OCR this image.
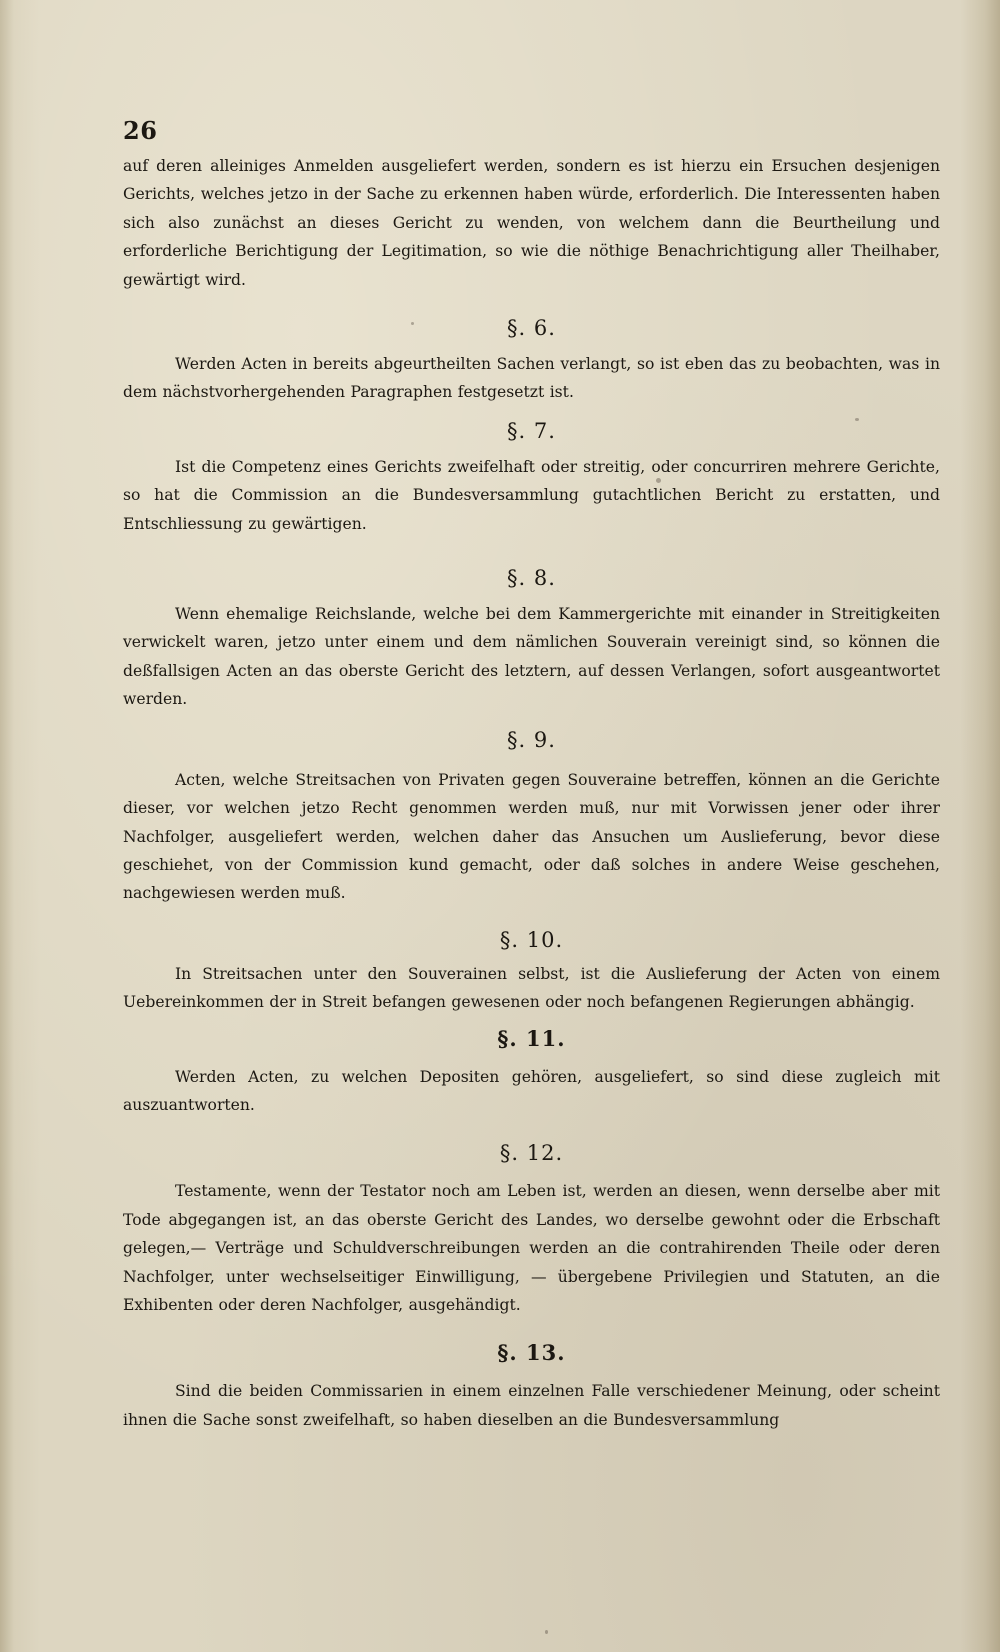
26

auf deren alleiniges Anmelden ausgeliefert werden, sondern es ist hierzu ein Ersuchen desjenigen Gerichts, welches jetzo in der Sache zu erkennen haben würde, erforderlich. Die Interessenten haben sich also zunächst an dieses Gericht zu wenden, von welchem dann die Beurtheilung und erforderliche Berichtigung der Legitimation, so wie die nöthige Benachrichtigung aller Theilhaber, gewärtigt wird.

§. 6.

Werden Acten in bereits abgeurtheilten Sachen verlangt, so ist eben das zu beobachten, was in dem nächstvorhergehenden Paragraphen festgesetzt ist.

§. 7.

Ist die Competenz eines Gerichts zweifelhaft oder streitig, oder concurriren mehrere Gerichte, so hat die Commission an die Bundesversammlung gutachtlichen Bericht zu erstatten, und Entschliessung zu gewärtigen.

§. 8.

Wenn ehemalige Reichslande, welche bei dem Kammergerichte mit einander in Streitigkeiten verwickelt waren, jetzo unter einem und dem nämlichen Souverain vereinigt sind, so können die deßfallsigen Acten an das oberste Gericht des letztern, auf dessen Verlangen, sofort ausgeantwortet werden.

§. 9.

Acten, welche Streitsachen von Privaten gegen Souveraine betreffen, können an die Gerichte dieser, vor welchen jetzo Recht genommen werden muß, nur mit Vorwissen jener oder ihrer Nachfolger, ausgeliefert werden, welchen daher das Ansuchen um Auslieferung, bevor diese geschiehet, von der Commission kund gemacht, oder daß solches in andere Weise geschehen, nachgewiesen werden muß.

§. 10.

In Streitsachen unter den Souverainen selbst, ist die Auslieferung der Acten von einem Uebereinkommen der in Streit befangen gewesenen oder noch befangenen Regierungen abhängig.

§. 11.

Werden Acten, zu welchen Depositen gehören, ausgeliefert, so sind diese zugleich mit auszuantworten.

§. 12.

Testamente, wenn der Testator noch am Leben ist, werden an diesen, wenn derselbe aber mit Tode abgegangen ist, an das oberste Gericht des Landes, wo derselbe gewohnt oder die Erbschaft gelegen,— Verträge und Schuldverschreibungen werden an die contrahirenden Theile oder deren Nachfolger, unter wechselseitiger Einwilligung, — übergebene Privilegien und Statuten, an die Exhibenten oder deren Nachfolger, ausgehändigt.

§. 13.

Sind die beiden Commissarien in einem einzelnen Falle verschiedener Meinung, oder scheint ihnen die Sache sonst zweifelhaft, so haben dieselben an die Bundesversammlung
